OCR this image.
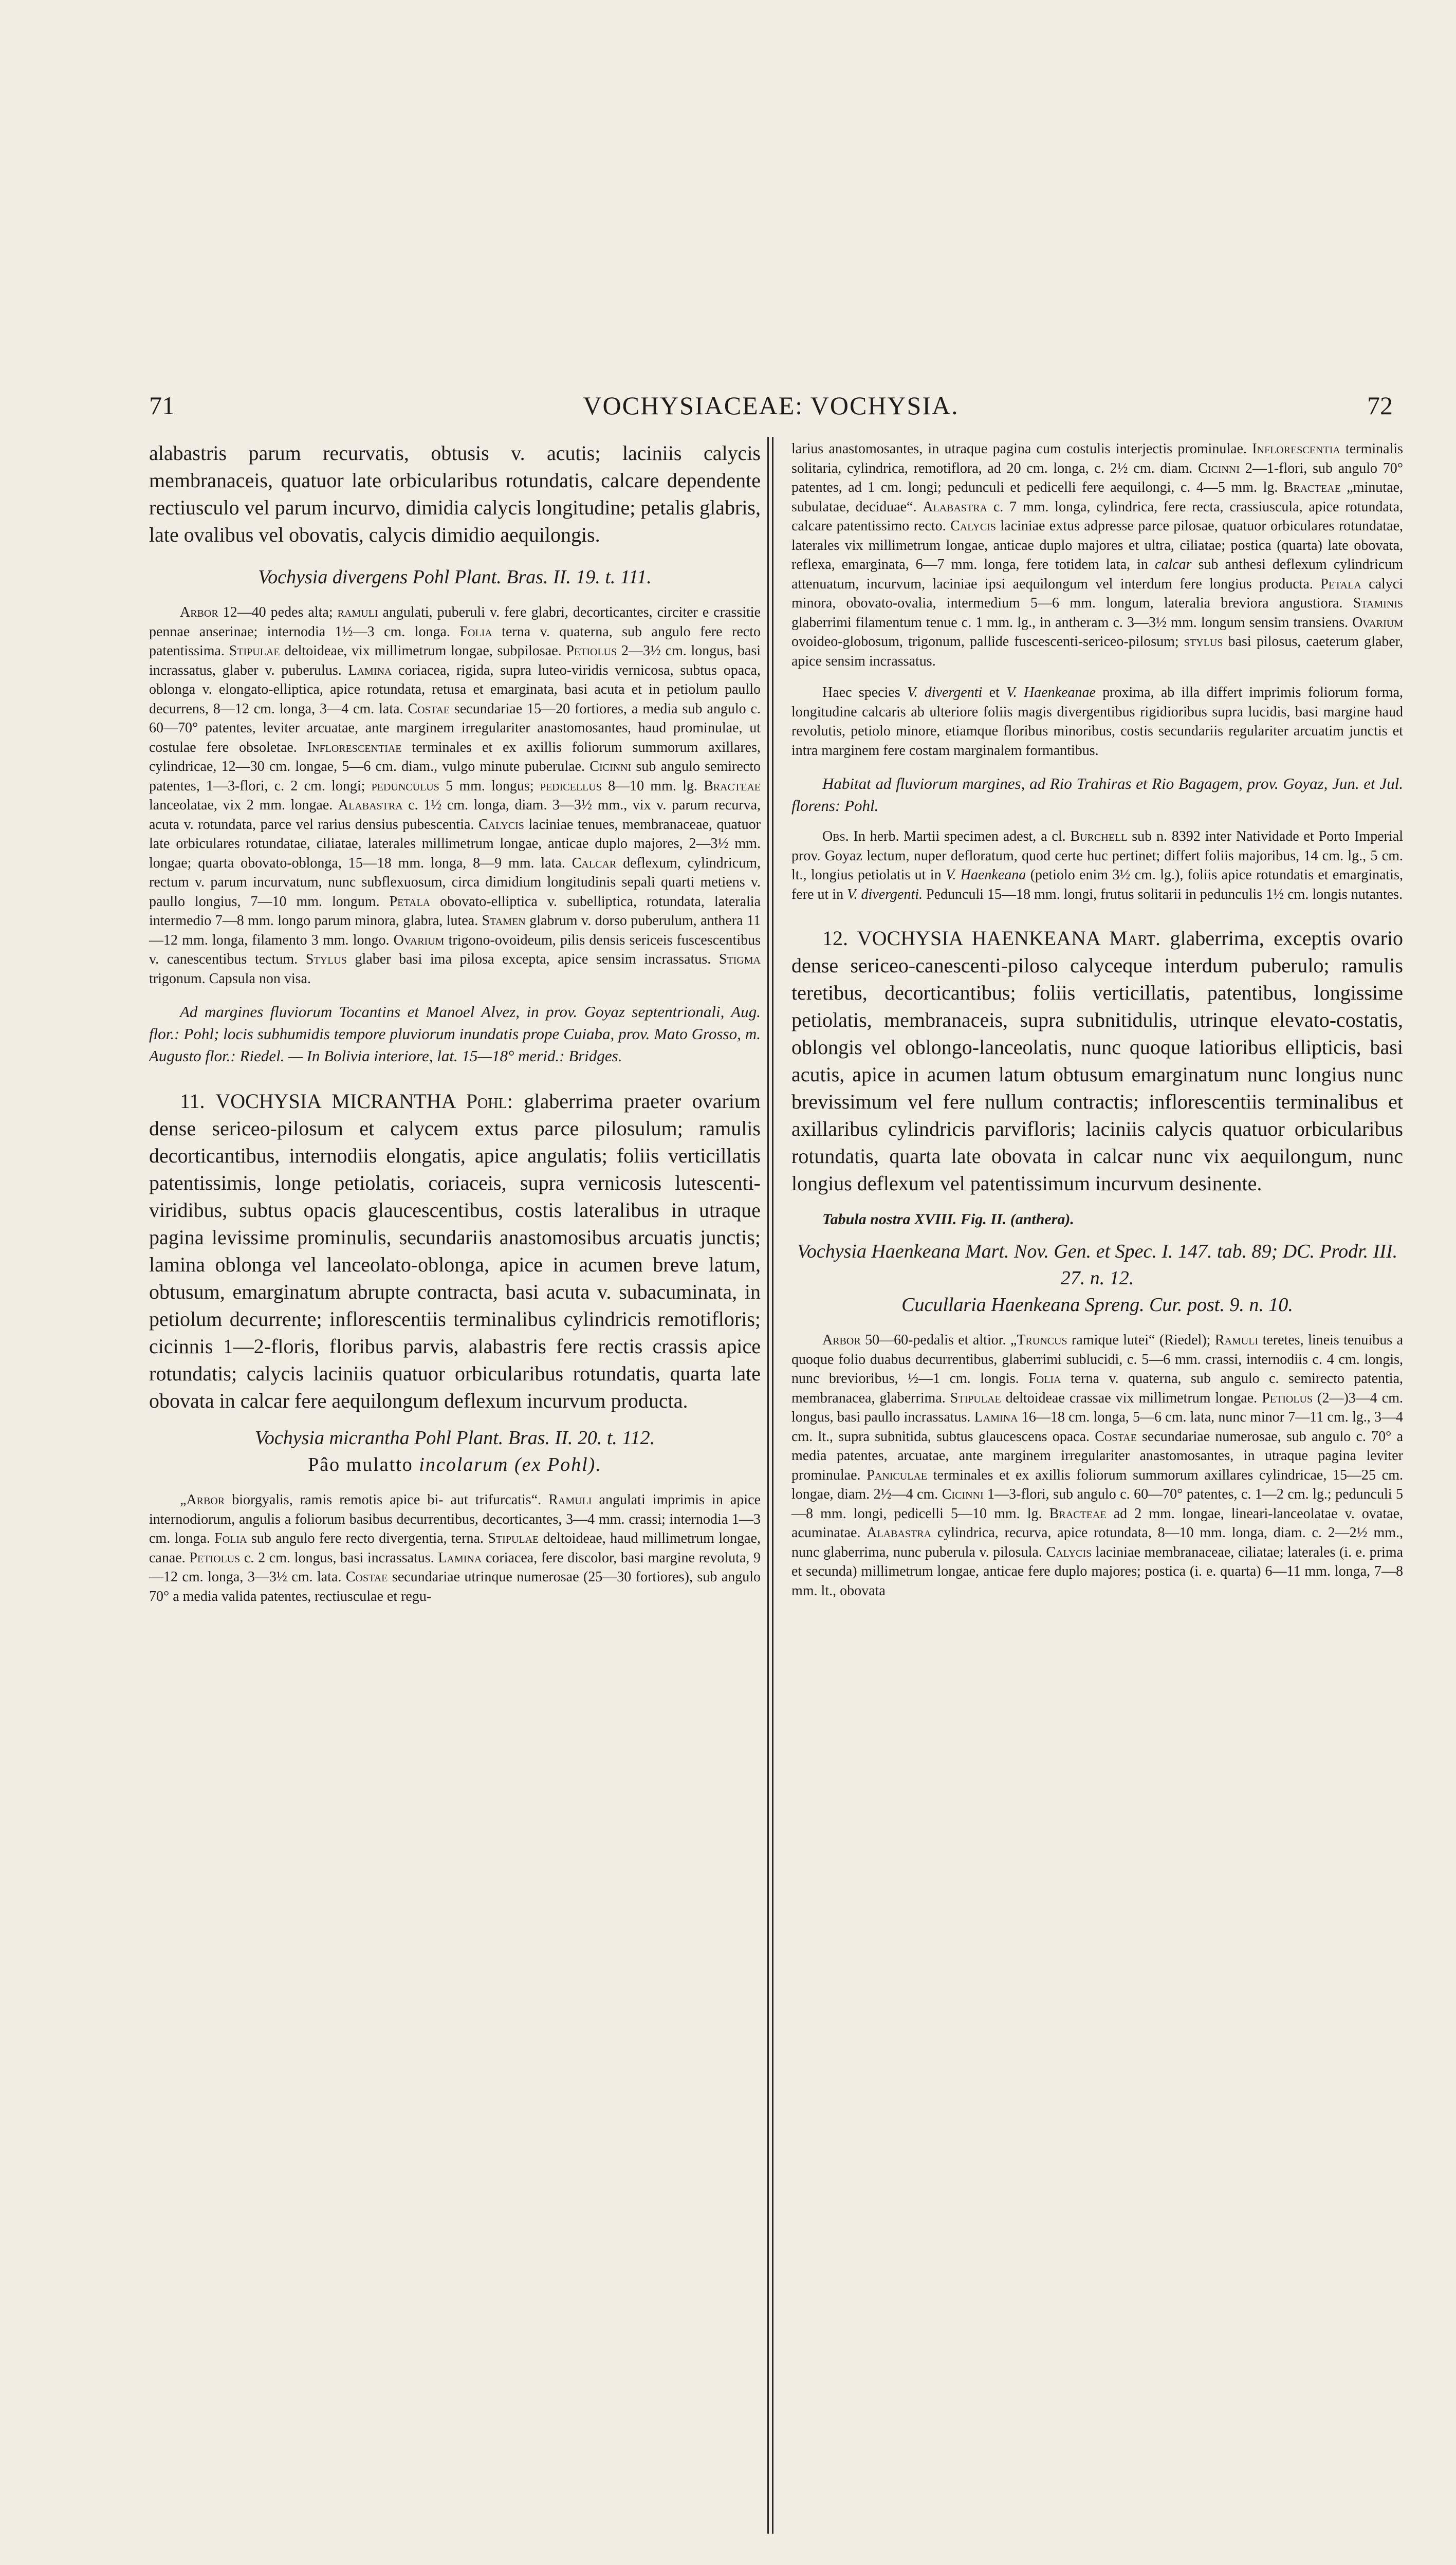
71	VOCHYSIACEAE: VOCHYSIA.	72

alabastris parum recurvatis, obtusis v. acutis; laciniis calycis membranaceis, quatuor late orbicularibus rotundatis, calcare dependente rectiusculo vel parum incurvo, dimidia calycis longitudine; petalis glabris, late ovalibus vel obovatis, calycis dimidio aequilongis.

Vochysia divergens Pohl Plant. Bras. II. 19. t. 111.

Arbor 12—40 pedes alta; ramuli angulati, puberuli v. fere glabri, decorticantes, circiter e crassitie pennae anserinae; internodia 1½—3 cm. longa. Folia terna v. quaterna, sub angulo fere recto patentissima. Stipulae deltoideae, vix millimetrum longae, subpilosae. Petiolus 2—3½ cm. longus, basi incrassatus, glaber v. puberulus. Lamina coriacea, rigida, supra luteo-viridis vernicosa, subtus opaca, oblonga v. elongato-elliptica, apice rotundata, retusa et emarginata, basi acuta et in petiolum paullo decurrens, 8—12 cm. longa, 3—4 cm. lata. Costae secundariae 15—20 fortiores, a media sub angulo c. 60—70° patentes, leviter arcuatae, ante marginem irregulariter anastomosantes, haud prominulae, ut costulae fere obsoletae. Inflorescentiae terminales et ex axillis foliorum summorum axillares, cylindricae, 12—30 cm. longae, 5—6 cm. diam., vulgo minute puberulae. Cicinni sub angulo semirecto patentes, 1—3-flori, c. 2 cm. longi; pedunculus 5 mm. longus; pedicellus 8—10 mm. lg. Bracteae lanceolatae, vix 2 mm. longae. Alabastra c. 1½ cm. longa, diam. 3—3½ mm., vix v. parum recurva, acuta v. rotundata, parce vel rarius densius pubescentia. Calycis laciniae tenues, membranaceae, quatuor late orbiculares rotundatae, ciliatae, laterales millimetrum longae, anticae duplo majores, 2—3½ mm. longae; quarta obovato-oblonga, 15—18 mm. longa, 8—9 mm. lata. Calcar deflexum, cylindricum, rectum v. parum incurvatum, nunc subflexuosum, circa dimidium longitudinis sepali quarti metiens v. paullo longius, 7—10 mm. longum. Petala obovato-elliptica v. subelliptica, rotundata, lateralia intermedio 7—8 mm. longo parum minora, glabra, lutea. Stamen glabrum v. dorso puberulum, anthera 11—12 mm. longa, filamento 3 mm. longo. Ovarium trigono-ovoideum, pilis densis sericeis fuscescentibus v. canescentibus tectum. Stylus glaber basi ima pilosa excepta, apice sensim incrassatus. Stigma trigonum. Capsula non visa.

Ad margines fluviorum Tocantins et Manoel Alvez, in prov. Goyaz septentrionali, Aug. flor.: Pohl; locis subhumidis tempore pluviorum inundatis prope Cuiaba, prov. Mato Grosso, m. Augusto flor.: Riedel. — In Bolivia interiore, lat. 15—18° merid.: Bridges.

11. VOCHYSIA MICRANTHA Pohl: glaberrima praeter ovarium dense sericeo-pilosum et calycem extus parce pilosulum; ramulis decorticantibus, internodiis elongatis, apice angulatis; foliis verticillatis patentissimis, longe petiolatis, coriaceis, supra vernicosis lutescenti-viridibus, subtus opacis glaucescentibus, costis lateralibus in utraque pagina levissime prominulis, secundariis anastomosibus arcuatis junctis; lamina oblonga vel lanceolato-oblonga, apice in acumen breve latum, obtusum, emarginatum abrupte contracta, basi acuta v. subacuminata, in petiolum decurrente; inflorescentiis terminalibus cylindricis remotifloris; cicinnis 1—2-floris, floribus parvis, alabastris fere rectis crassis apice rotundatis; calycis laciniis quatuor orbicularibus rotundatis, quarta late obovata in calcar fere aequilongum deflexum incurvum producta.

Vochysia micrantha Pohl Plant. Bras. II. 20. t. 112.

Pâo mulatto incolarum (ex Pohl).

„Arbor biorgyalis, ramis remotis apice bi- aut trifurcatis“. Ramuli angulati imprimis in apice internodiorum, angulis a foliorum basibus decurrentibus, decorticantes, 3—4 mm. crassi; internodia 1—3 cm. longa. Folia sub angulo fere recto divergentia, terna. Stipulae deltoideae, haud millimetrum longae, canae. Petiolus c. 2 cm. longus, basi incrassatus. Lamina coriacea, fere discolor, basi margine revoluta, 9—12 cm. longa, 3—3½ cm. lata. Costae secundariae utrinque numerosae (25—30 fortiores), sub angulo 70° a media valida patentes, rectiusculae et regu-

larius anastomosantes, in utraque pagina cum costulis interjectis prominulae. Inflorescentia terminalis solitaria, cylindrica, remotiflora, ad 20 cm. longa, c. 2½ cm. diam. Cicinni 2—1-flori, sub angulo 70° patentes, ad 1 cm. longi; pedunculi et pedicelli fere aequilongi, c. 4—5 mm. lg. Bracteae „minutae, subulatae, deciduae“. Alabastra c. 7 mm. longa, cylindrica, fere recta, crassiuscula, apice rotundata, calcare patentissimo recto. Calycis laciniae extus adpresse parce pilosae, quatuor orbiculares rotundatae, laterales vix millimetrum longae, anticae duplo majores et ultra, ciliatae; postica (quarta) late obovata, reflexa, emarginata, 6—7 mm. longa, fere totidem lata, in calcar sub anthesi deflexum cylindricum attenuatum, incurvum, laciniae ipsi aequilongum vel interdum fere longius producta. Petala calyci minora, obovato-ovalia, intermedium 5—6 mm. longum, lateralia breviora angustiora. Staminis glaberrimi filamentum tenue c. 1 mm. lg., in antheram c. 3—3½ mm. longum sensim transiens. Ovarium ovoideo-globosum, trigonum, pallide fuscescenti-sericeo-pilosum; stylus basi pilosus, caeterum glaber, apice sensim incrassatus.

Haec species V. divergenti et V. Haenkeanae proxima, ab illa differt imprimis foliorum forma, longitudine calcaris ab ulteriore foliis magis divergentibus rigidioribus supra lucidis, basi margine haud revolutis, petiolo minore, etiamque floribus minoribus, costis secundariis regulariter arcuatim junctis et intra marginem fere costam marginalem formantibus.

Habitat ad fluviorum margines, ad Rio Trahiras et Rio Bagagem, prov. Goyaz, Jun. et Jul. florens: Pohl.

Obs. In herb. Martii specimen adest, a cl. Burchell sub n. 8392 inter Natividade et Porto Imperial prov. Goyaz lectum, nuper defloratum, quod certe huc pertinet; differt foliis majoribus, 14 cm. lg., 5 cm. lt., longius petiolatis ut in V. Haenkeana (petiolo enim 3½ cm. lg.), foliis apice rotundatis et emarginatis, fere ut in V. divergenti. Pedunculi 15—18 mm. longi, frutus solitarii in pedunculis 1½ cm. longis nutantes.

12. VOCHYSIA HAENKEANA Mart. glaberrima, exceptis ovario dense sericeo-canescenti-piloso calyceque interdum puberulo; ramulis teretibus, decorticantibus; foliis verticillatis, patentibus, longissime petiolatis, membranaceis, supra subnitidulis, utrinque elevato-costatis, oblongis vel oblongo-lanceolatis, nunc quoque latioribus ellipticis, basi acutis, apice in acumen latum obtusum emarginatum nunc longius nunc brevissimum vel fere nullum contractis; inflorescentiis terminalibus et axillaribus cylindricis parvifloris; laciniis calycis quatuor orbicularibus rotundatis, quarta late obovata in calcar nunc vix aequilongum, nunc longius deflexum vel patentissimum incurvum desinente.

Tabula nostra XVIII. Fig. II. (anthera).

Vochysia Haenkeana Mart. Nov. Gen. et Spec. I. 147. tab. 89; DC. Prodr. III. 27. n. 12.

Cucullaria Haenkeana Spreng. Cur. post. 9. n. 10.

Arbor 50—60-pedalis et altior. „Truncus ramique lutei“ (Riedel); Ramuli teretes, lineis tenuibus a quoque folio duabus decurrentibus, glaberrimi sublucidi, c. 5—6 mm. crassi, internodiis c. 4 cm. longis, nunc brevioribus, ½—1 cm. longis. Folia terna v. quaterna, sub angulo c. semirecto patentia, membranacea, glaberrima. Stipulae deltoideae crassae vix millimetrum longae. Petiolus (2—)3—4 cm. longus, basi paullo incrassatus. Lamina 16—18 cm. longa, 5—6 cm. lata, nunc minor 7—11 cm. lg., 3—4 cm. lt., supra subnitida, subtus glaucescens opaca. Costae secundariae numerosae, sub angulo c. 70° a media patentes, arcuatae, ante marginem irregulariter anastomosantes, in utraque pagina leviter prominulae. Paniculae terminales et ex axillis foliorum summorum axillares cylindricae, 15—25 cm. longae, diam. 2½—4 cm. Cicinni 1—3-flori, sub angulo c. 60—70° patentes, c. 1—2 cm. lg.; pedunculi 5—8 mm. longi, pedicelli 5—10 mm. lg. Bracteae ad 2 mm. longae, lineari-lanceolatae v. ovatae, acuminatae. Alabastra cylindrica, recurva, apice rotundata, 8—10 mm. longa, diam. c. 2—2½ mm., nunc glaberrima, nunc puberula v. pilosula. Calycis laciniae membranaceae, ciliatae; laterales (i. e. prima et secunda) millimetrum longae, anticae fere duplo majores; postica (i. e. quarta) 6—11 mm. longa, 7—8 mm. lt., obovata
